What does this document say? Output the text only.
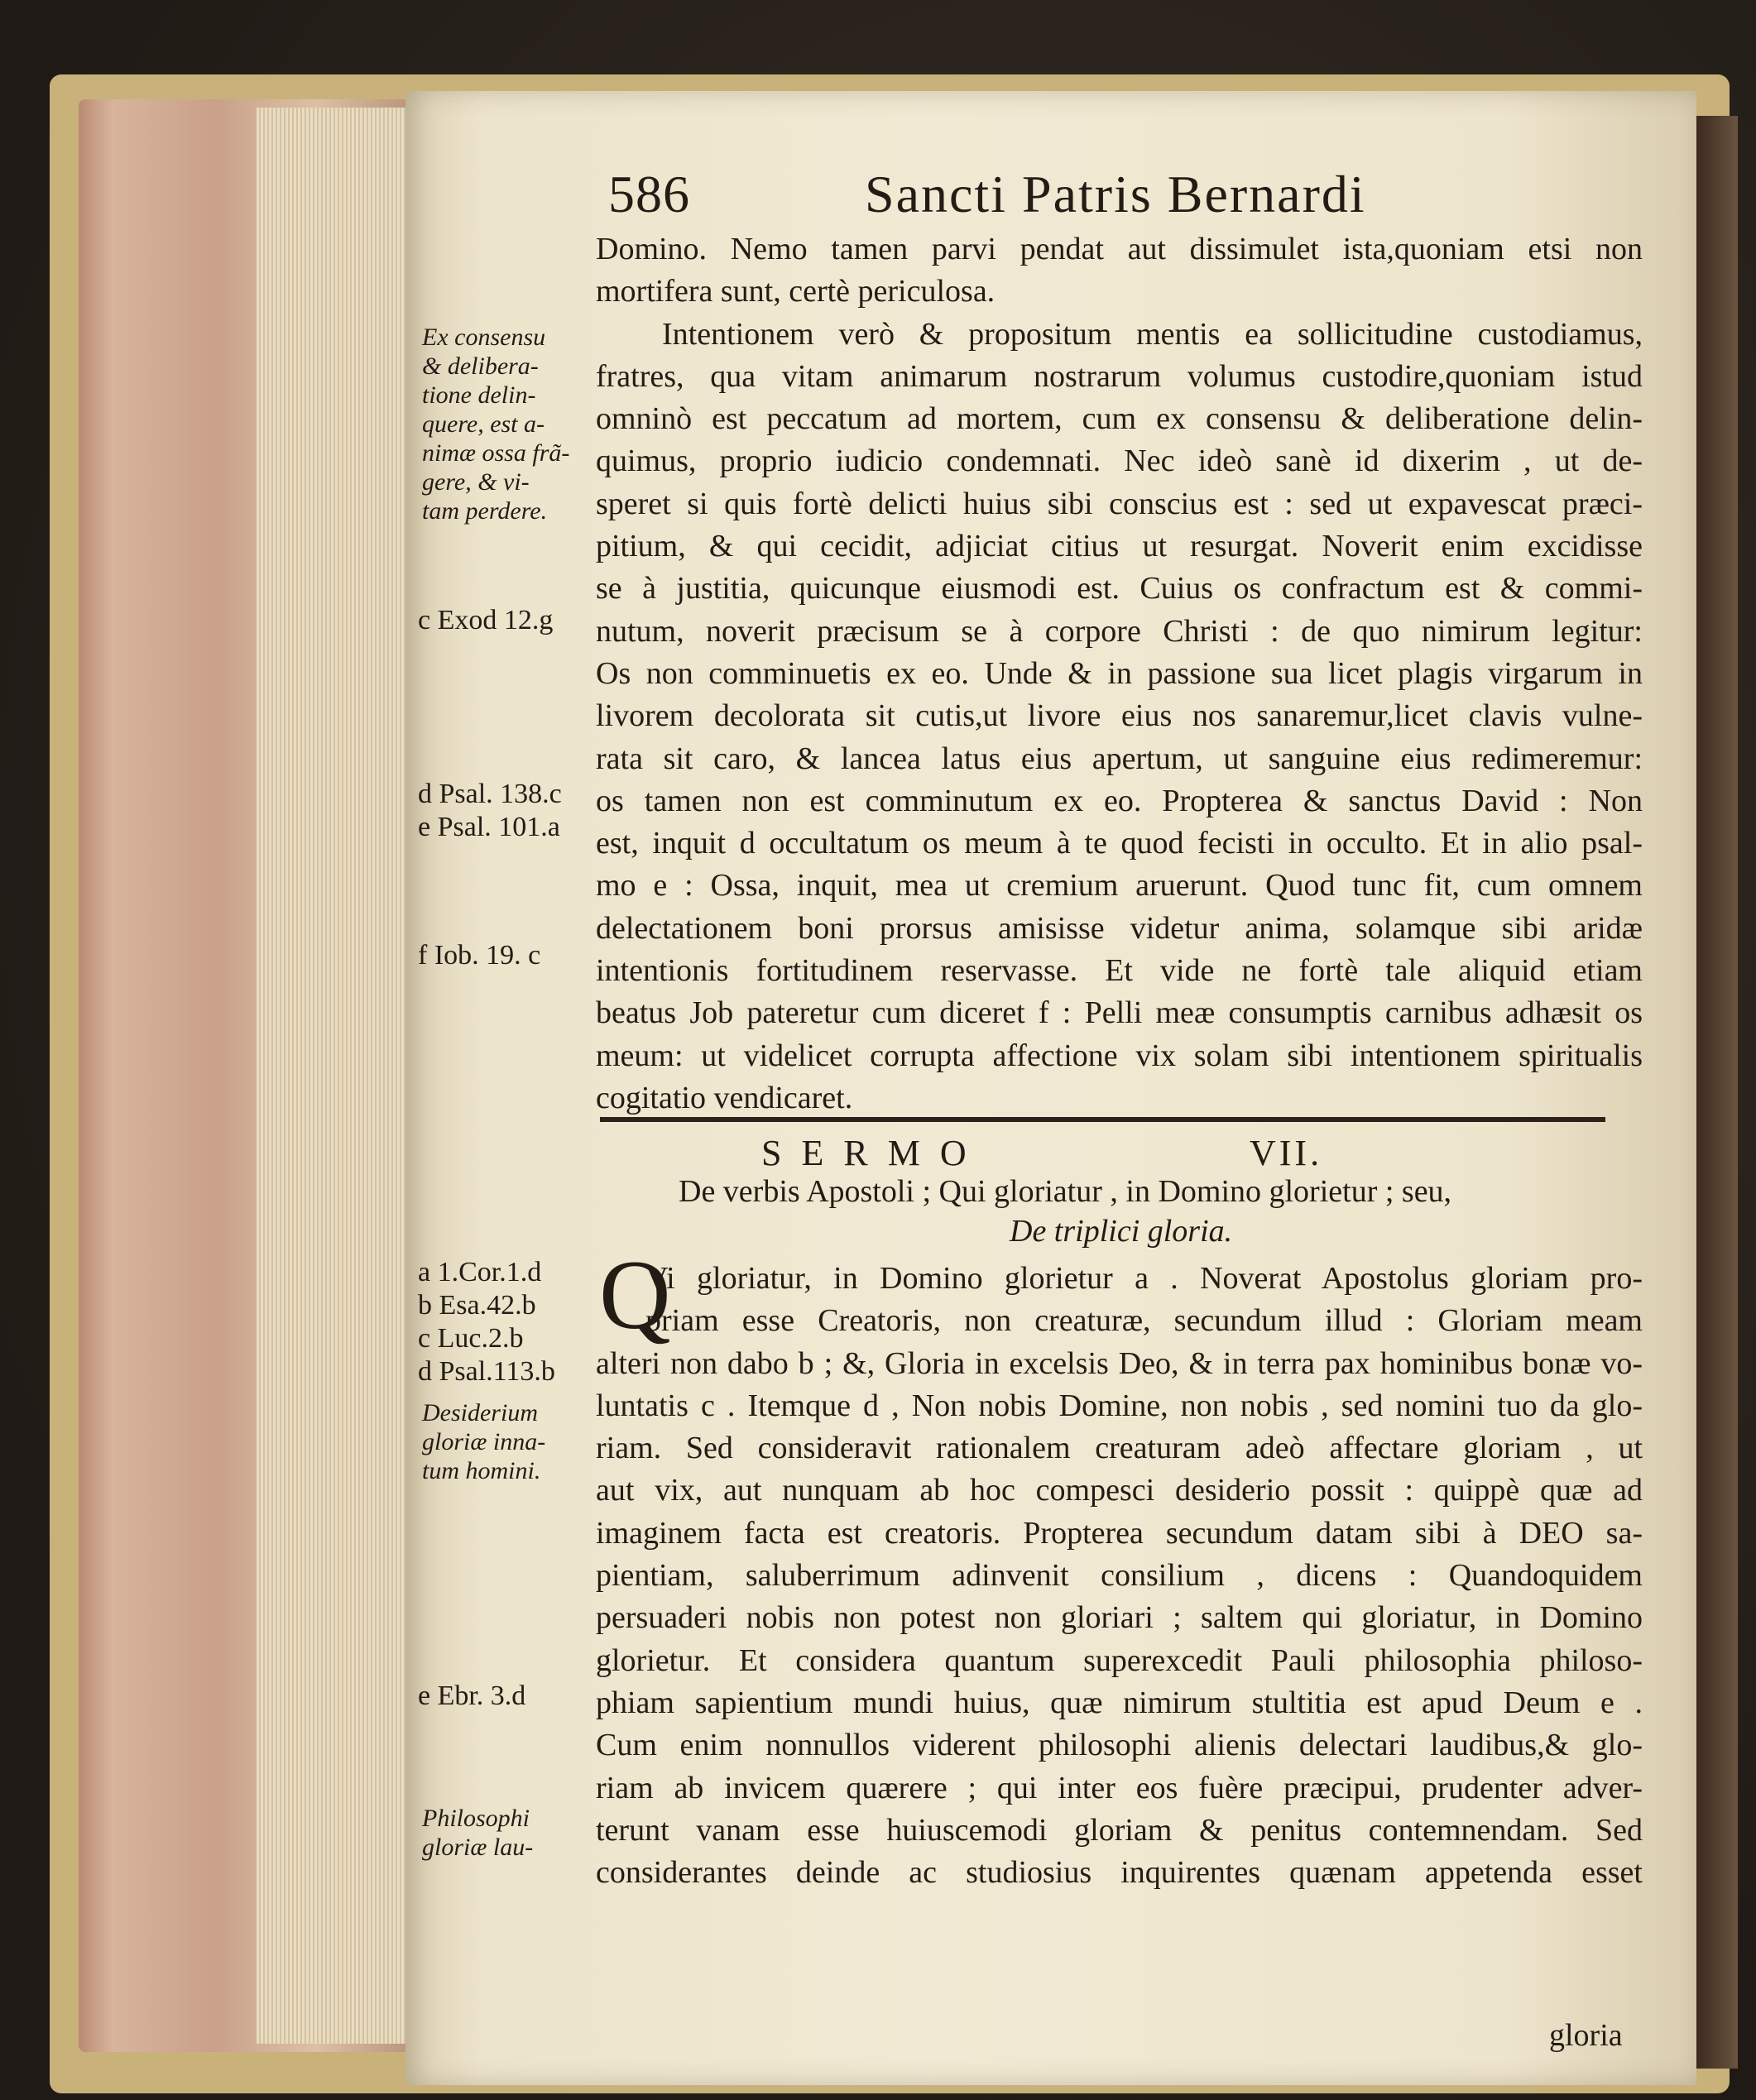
586	Sancti Patris Bernardi
Domino. Nemo tamen parvi pendat aut dissimulet ista,quoniam etsi non
mortifera sunt, certè periculosa.
Intentionem verò & propositum mentis ea sollicitudine custodiamus,
fratres, qua vitam animarum nostrarum volumus custodire,quoniam istud
omninò est peccatum ad mortem, cum ex consensu & deliberatione delin-
quimus, proprio iudicio condemnati. Nec ideò sanè id dixerim , ut de-
speret si quis fortè delicti huius sibi conscius est : sed ut expavescat præci-
pitium, & qui cecidit, adjiciat citius ut resurgat. Noverit enim excidisse
se à justitia, quicunque eiusmodi est. Cuius os confractum est & commi-
nutum, noverit præcisum se à corpore Christi : de quo nimirum legitur:
Os non comminuetis ex eo. Unde & in passione sua licet plagis virgarum in
livorem decolorata sit cutis,ut livore eius nos sanaremur,licet clavis vulne-
rata sit caro, & lancea latus eius apertum, ut sanguine eius redimeremur:
os tamen non est comminutum ex eo. Propterea & sanctus David : Non
est, inquit d occultatum os meum à te quod fecisti in occulto. Et in alio psal-
mo e : Ossa, inquit, mea ut cremium aruerunt. Quod tunc fit, cum omnem
delectationem boni prorsus amisisse videtur anima, solamque sibi aridæ
intentionis fortitudinem reservasse. Et vide ne fortè tale aliquid etiam
beatus Job pateretur cum diceret f : Pelli meæ consumptis carnibus adhæsit os
meum: ut videlicet corrupta affectione vix solam sibi intentionem spiritualis
cogitatio vendicaret.
Ex consensu
& delibera-
tione delin-
quere, est a-
nimæ ossa frã-
gere, & vi-
tam perdere.
c Exod 12.g
d Psal. 138.c
e Psal. 101.a
f Iob. 19. c
SERMO	VII.
De verbis Apostoli ; Qui gloriatur , in Domino glorietur ; seu,
De triplici gloria.
Q
Vi gloriatur, in Domino glorietur a . Noverat Apostolus gloriam pro-
priam esse Creatoris, non creaturæ, secundum illud : Gloriam meam
alteri non dabo b ; &, Gloria in excelsis Deo, & in terra pax hominibus bonæ vo-
luntatis c . Itemque d , Non nobis Domine, non nobis , sed nomini tuo da glo-
riam. Sed consideravit rationalem creaturam adeò affectare gloriam , ut
aut vix, aut nunquam ab hoc compesci desiderio possit : quippè quæ ad
imaginem facta est creatoris. Propterea secundum datam sibi à DEO sa-
pientiam, saluberrimum adinvenit consilium , dicens : Quandoquidem
persuaderi nobis non potest non gloriari ; saltem qui gloriatur, in Domino
glorietur. Et considera quantum superexcedit Pauli philosophia philoso-
phiam sapientium mundi huius, quæ nimirum stultitia est apud Deum e .
Cum enim nonnullos viderent philosophi alienis delectari laudibus,& glo-
riam ab invicem quærere ; qui inter eos fuère præcipui, prudenter adver-
terunt vanam esse huiuscemodi gloriam & penitus contemnendam. Sed
considerantes deinde ac studiosius inquirentes quænam appetenda esset
a 1.Cor.1.d
b Esa.42.b
c Luc.2.b
d Psal.113.b
Desiderium
gloriæ inna-
tum homini.
e Ebr. 3.d
Philosophi
gloriæ lau-
gloria
